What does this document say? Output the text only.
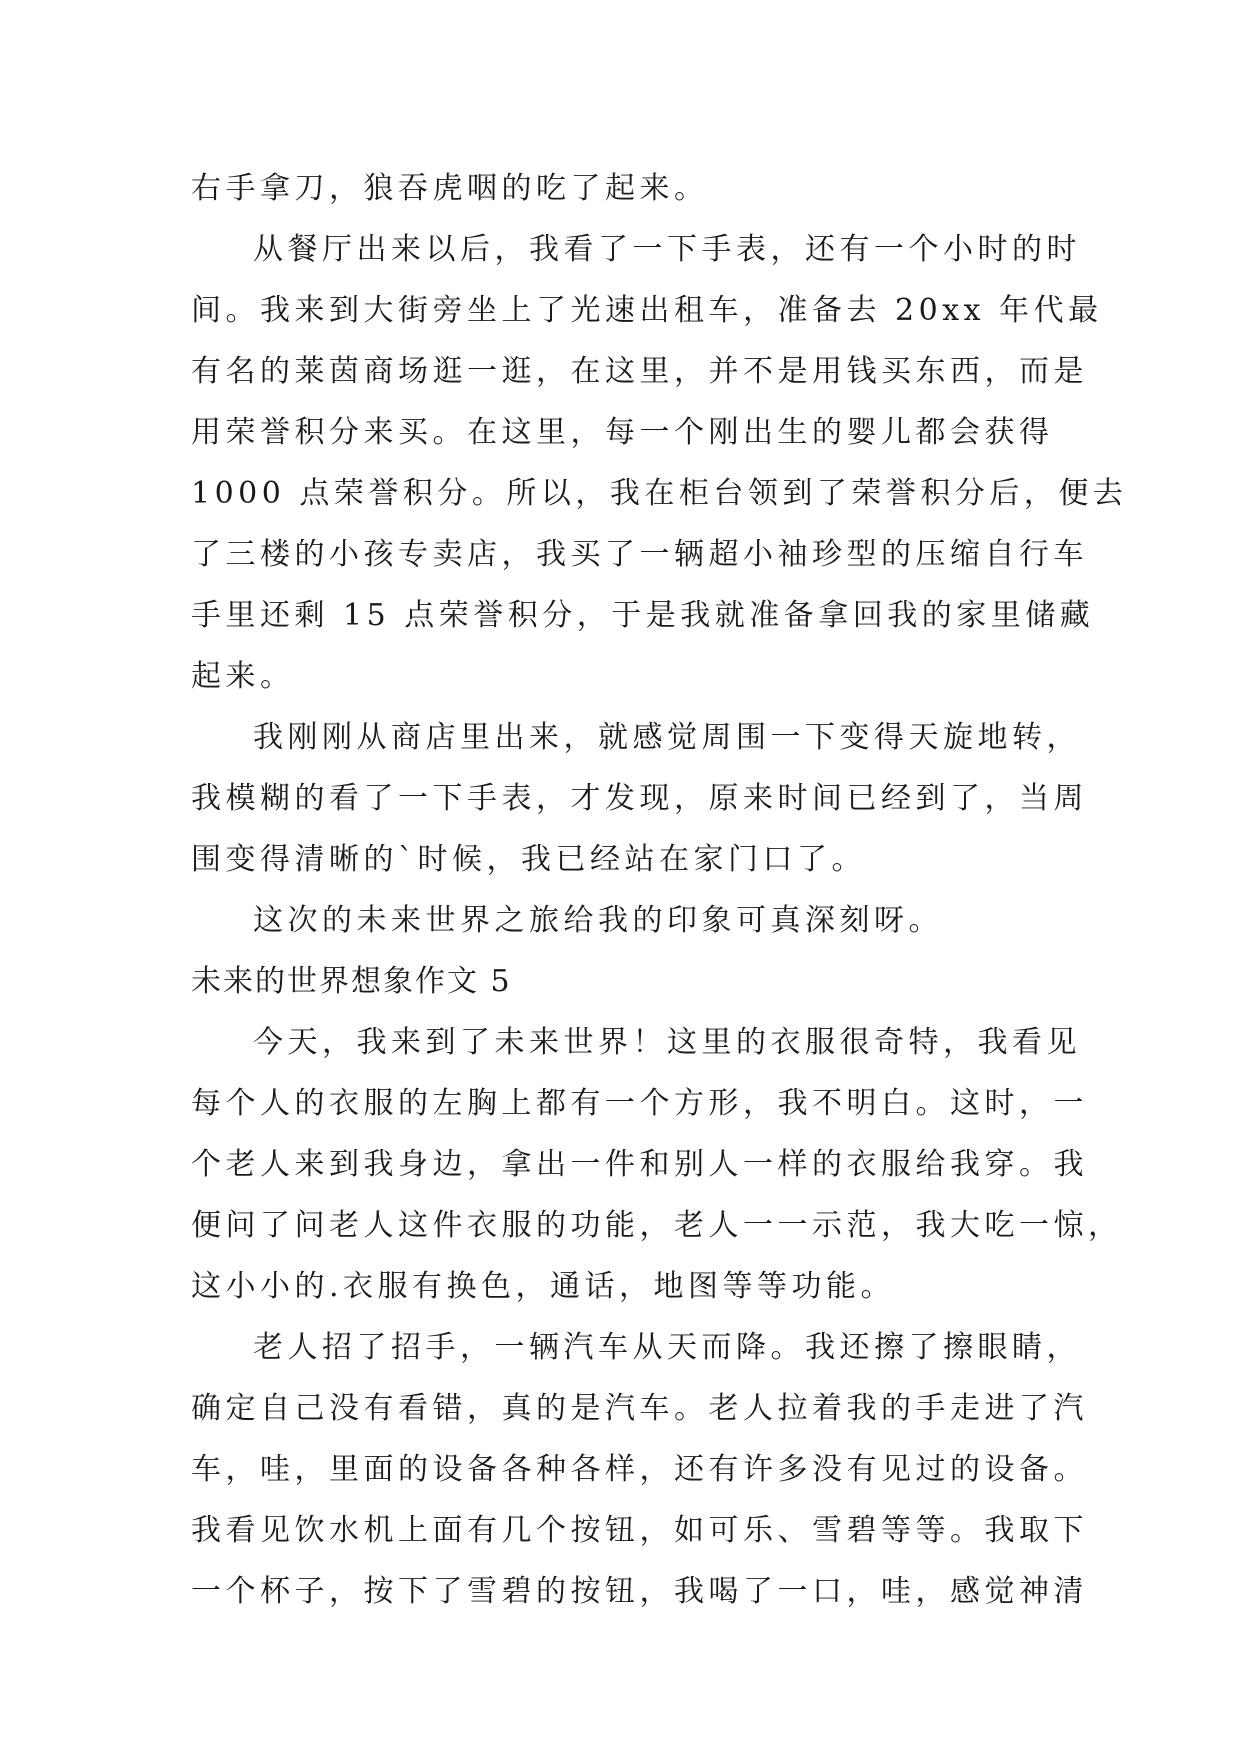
右手拿刀，狼吞虎咽的吃了起来。
从餐厅出来以后，我看了一下手表，还有一个小时的时
间。我来到大街旁坐上了光速出租车，准备去 20xx 年代最
有名的莱茵商场逛一逛，在这里，并不是用钱买东西，而是
用荣誉积分来买。在这里，每一个刚出生的婴儿都会获得
1000 点荣誉积分。所以，我在柜台领到了荣誉积分后，便去
了三楼的小孩专卖店，我买了一辆超小袖珍型的压缩自行车
手里还剩 15 点荣誉积分，于是我就准备拿回我的家里储藏
起来。
我刚刚从商店里出来，就感觉周围一下变得天旋地转，
我模糊的看了一下手表，才发现，原来时间已经到了，当周
围变得清晰的`时候，我已经站在家门口了。
这次的未来世界之旅给我的印象可真深刻呀。
未来的世界想象作文 5
今天，我来到了未来世界！这里的衣服很奇特，我看见
每个人的衣服的左胸上都有一个方形，我不明白。这时，一
个老人来到我身边，拿出一件和别人一样的衣服给我穿。我
便问了问老人这件衣服的功能，老人一一示范，我大吃一惊，
这小小的.衣服有换色，通话，地图等等功能。
老人招了招手，一辆汽车从天而降。我还擦了擦眼睛，
确定自己没有看错，真的是汽车。老人拉着我的手走进了汽
车，哇，里面的设备各种各样，还有许多没有见过的设备。
我看见饮水机上面有几个按钮，如可乐、雪碧等等。我取下
一个杯子，按下了雪碧的按钮，我喝了一口，哇，感觉神清
